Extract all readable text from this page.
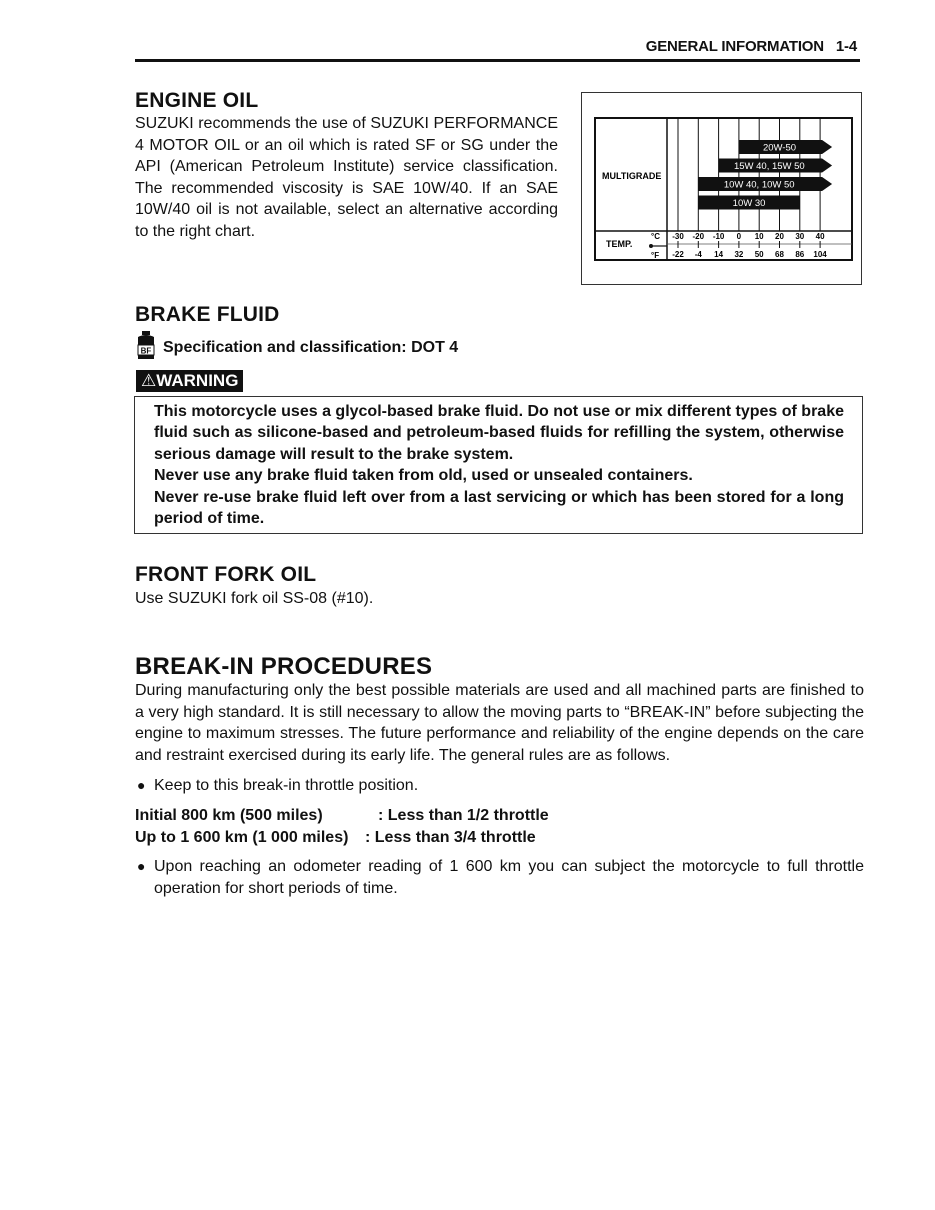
GENERAL INFORMATION 1-4
ENGINE OIL

SUZUKI recommends the use of SUZUKI PERFORMANCE 4 MOTOR OIL or an oil which is rated SF or SG under the API (American Petroleum Institute) service classification. The recommended viscosity is SAE 10W/40. If an SAE 10W/40 oil is not available, select an alternative according to the right chart.

MULTIGRADE
TEMP.
°C
°F
20W-50
15W 40, 15W 50
10W 40, 10W 50
10W 30
-30
-22
-20
-4
-10
14
0
32
10
50
20
68
30
86
40
104
BRAKE FLUID
BF Specification and classification: DOT 4

⚠WARNING

This motorcycle uses a glycol-based brake fluid. Do not use or mix different types of brake fluid such as silicone-based and petroleum-based fluids for refilling the system, otherwise serious damage will result to the brake system.

Never use any brake fluid taken from old, used or unsealed containers.

Never re-use brake fluid left over from a last servicing or which has been stored for a long period of time.

FRONT FORK OIL

Use SUZUKI fork oil SS-08 (#10).

BREAK-IN PROCEDURES

During manufacturing only the best possible materials are used and all machined parts are finished to a very high standard. It is still necessary to allow the moving parts to “BREAK-IN” before subjecting the engine to maximum stresses. The future performance and reliability of the engine depends on the care and restraint exercised during its early life. The general rules are as follows.

● Keep to this break-in throttle position.
Initial 800 km (500 miles)	: Less than 1/2 throttle
Up to 1 600 km (1 000 miles)	: Less than 3/4 throttle
● Upon reaching an odometer reading of 1 600 km you can subject the motorcycle to full throttle operation for short periods of time.
